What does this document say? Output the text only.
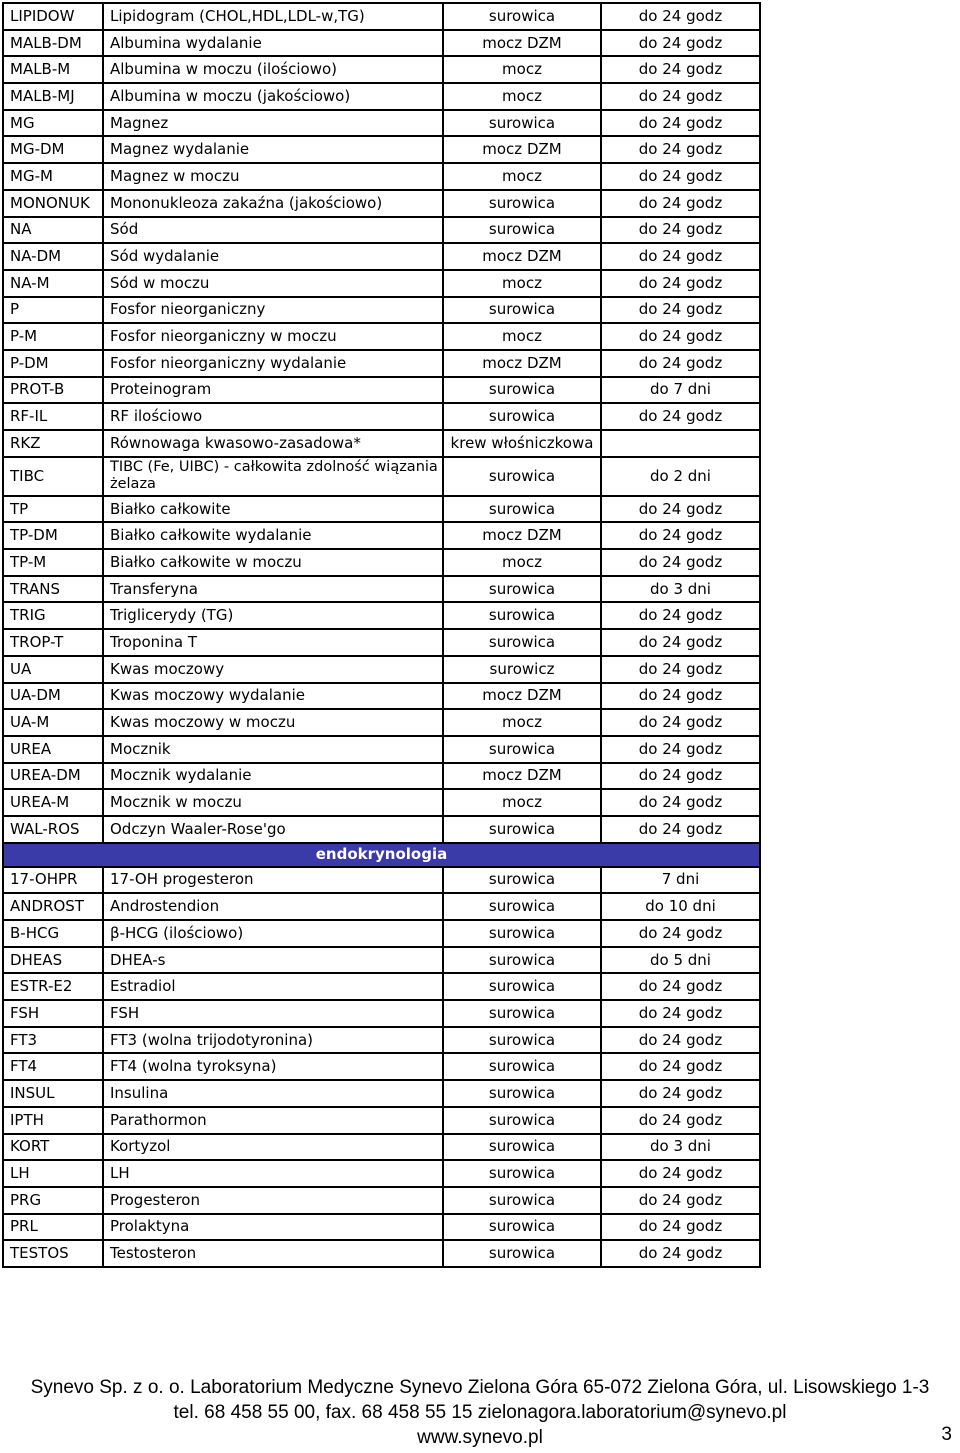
LIPIDOW	Lipidogram (CHOL,HDL,LDL-w,TG)	surowica	do 24 godz
MALB-DM	Albumina wydalanie	mocz DZM	do 24 godz
MALB-M	Albumina w moczu (ilościowo)	mocz	do 24 godz
MALB-MJ	Albumina w moczu (jakościowo)	mocz	do 24 godz
MG	Magnez	surowica	do 24 godz
MG-DM	Magnez wydalanie	mocz DZM	do 24 godz
MG-M	Magnez w moczu	mocz	do 24 godz
MONONUK	Mononukleoza zakaźna (jakościowo)	surowica	do 24 godz
NA	Sód	surowica	do 24 godz
NA-DM	Sód wydalanie	mocz DZM	do 24 godz
NA-M	Sód w moczu	mocz	do 24 godz
P	Fosfor nieorganiczny	surowica	do 24 godz
P-M	Fosfor nieorganiczny w moczu	mocz	do 24 godz
P-DM	Fosfor nieorganiczny wydalanie	mocz DZM	do 24 godz
PROT-B	Proteinogram	surowica	do 7 dni
RF-IL	RF ilościowo	surowica	do 24 godz
RKZ	Równowaga kwasowo-zasadowa*	krew włośniczkowa	
TIBC	TIBC (Fe, UIBC) - całkowita zdolność wiązania żelaza	surowica	do 2 dni
TP	Białko całkowite	surowica	do 24 godz
TP-DM	Białko całkowite wydalanie	mocz DZM	do 24 godz
TP-M	Białko całkowite w moczu	mocz	do 24 godz
TRANS	Transferyna	surowica	do 3 dni
TRIG	Triglicerydy (TG)	surowica	do 24 godz
TROP-T	Troponina T	surowica	do 24 godz
UA	Kwas moczowy	surowicz	do 24 godz
UA-DM	Kwas moczowy wydalanie	mocz DZM	do 24 godz
UA-M	Kwas moczowy w moczu	mocz	do 24 godz
UREA	Mocznik	surowica	do 24 godz
UREA-DM	Mocznik wydalanie	mocz DZM	do 24 godz
UREA-M	Mocznik w moczu	mocz	do 24 godz
WAL-ROS	Odczyn Waaler-Rose'go	surowica	do 24 godz
endokrynologia			
17-OHPR	17-OH progesteron	surowica	7 dni
ANDROST	Androstendion	surowica	do 10 dni
B-HCG	β-HCG (ilościowo)	surowica	do 24 godz
DHEAS	DHEA-s	surowica	do 5 dni
ESTR-E2	Estradiol	surowica	do 24 godz
FSH	FSH	surowica	do 24 godz
FT3	FT3 (wolna trijodotyronina)	surowica	do 24 godz
FT4	FT4 (wolna tyroksyna)	surowica	do 24 godz
INSUL	Insulina	surowica	do 24 godz
IPTH	Parathormon	surowica	do 24 godz
KORT	Kortyzol	surowica	do 3 dni
LH	LH	surowica	do 24 godz
PRG	Progesteron	surowica	do 24 godz
PRL	Prolaktyna	surowica	do 24 godz
TESTOS	Testosteron	surowica	do 24 godz
Synevo Sp. z o. o. Laboratorium Medyczne Synevo Zielona Góra 65-072 Zielona Góra, ul. Lisowskiego 1-3
tel. 68 458 55 00, fax. 68 458 55 15 zielonagora.laboratorium@synevo.pl
www.synevo.pl	3
